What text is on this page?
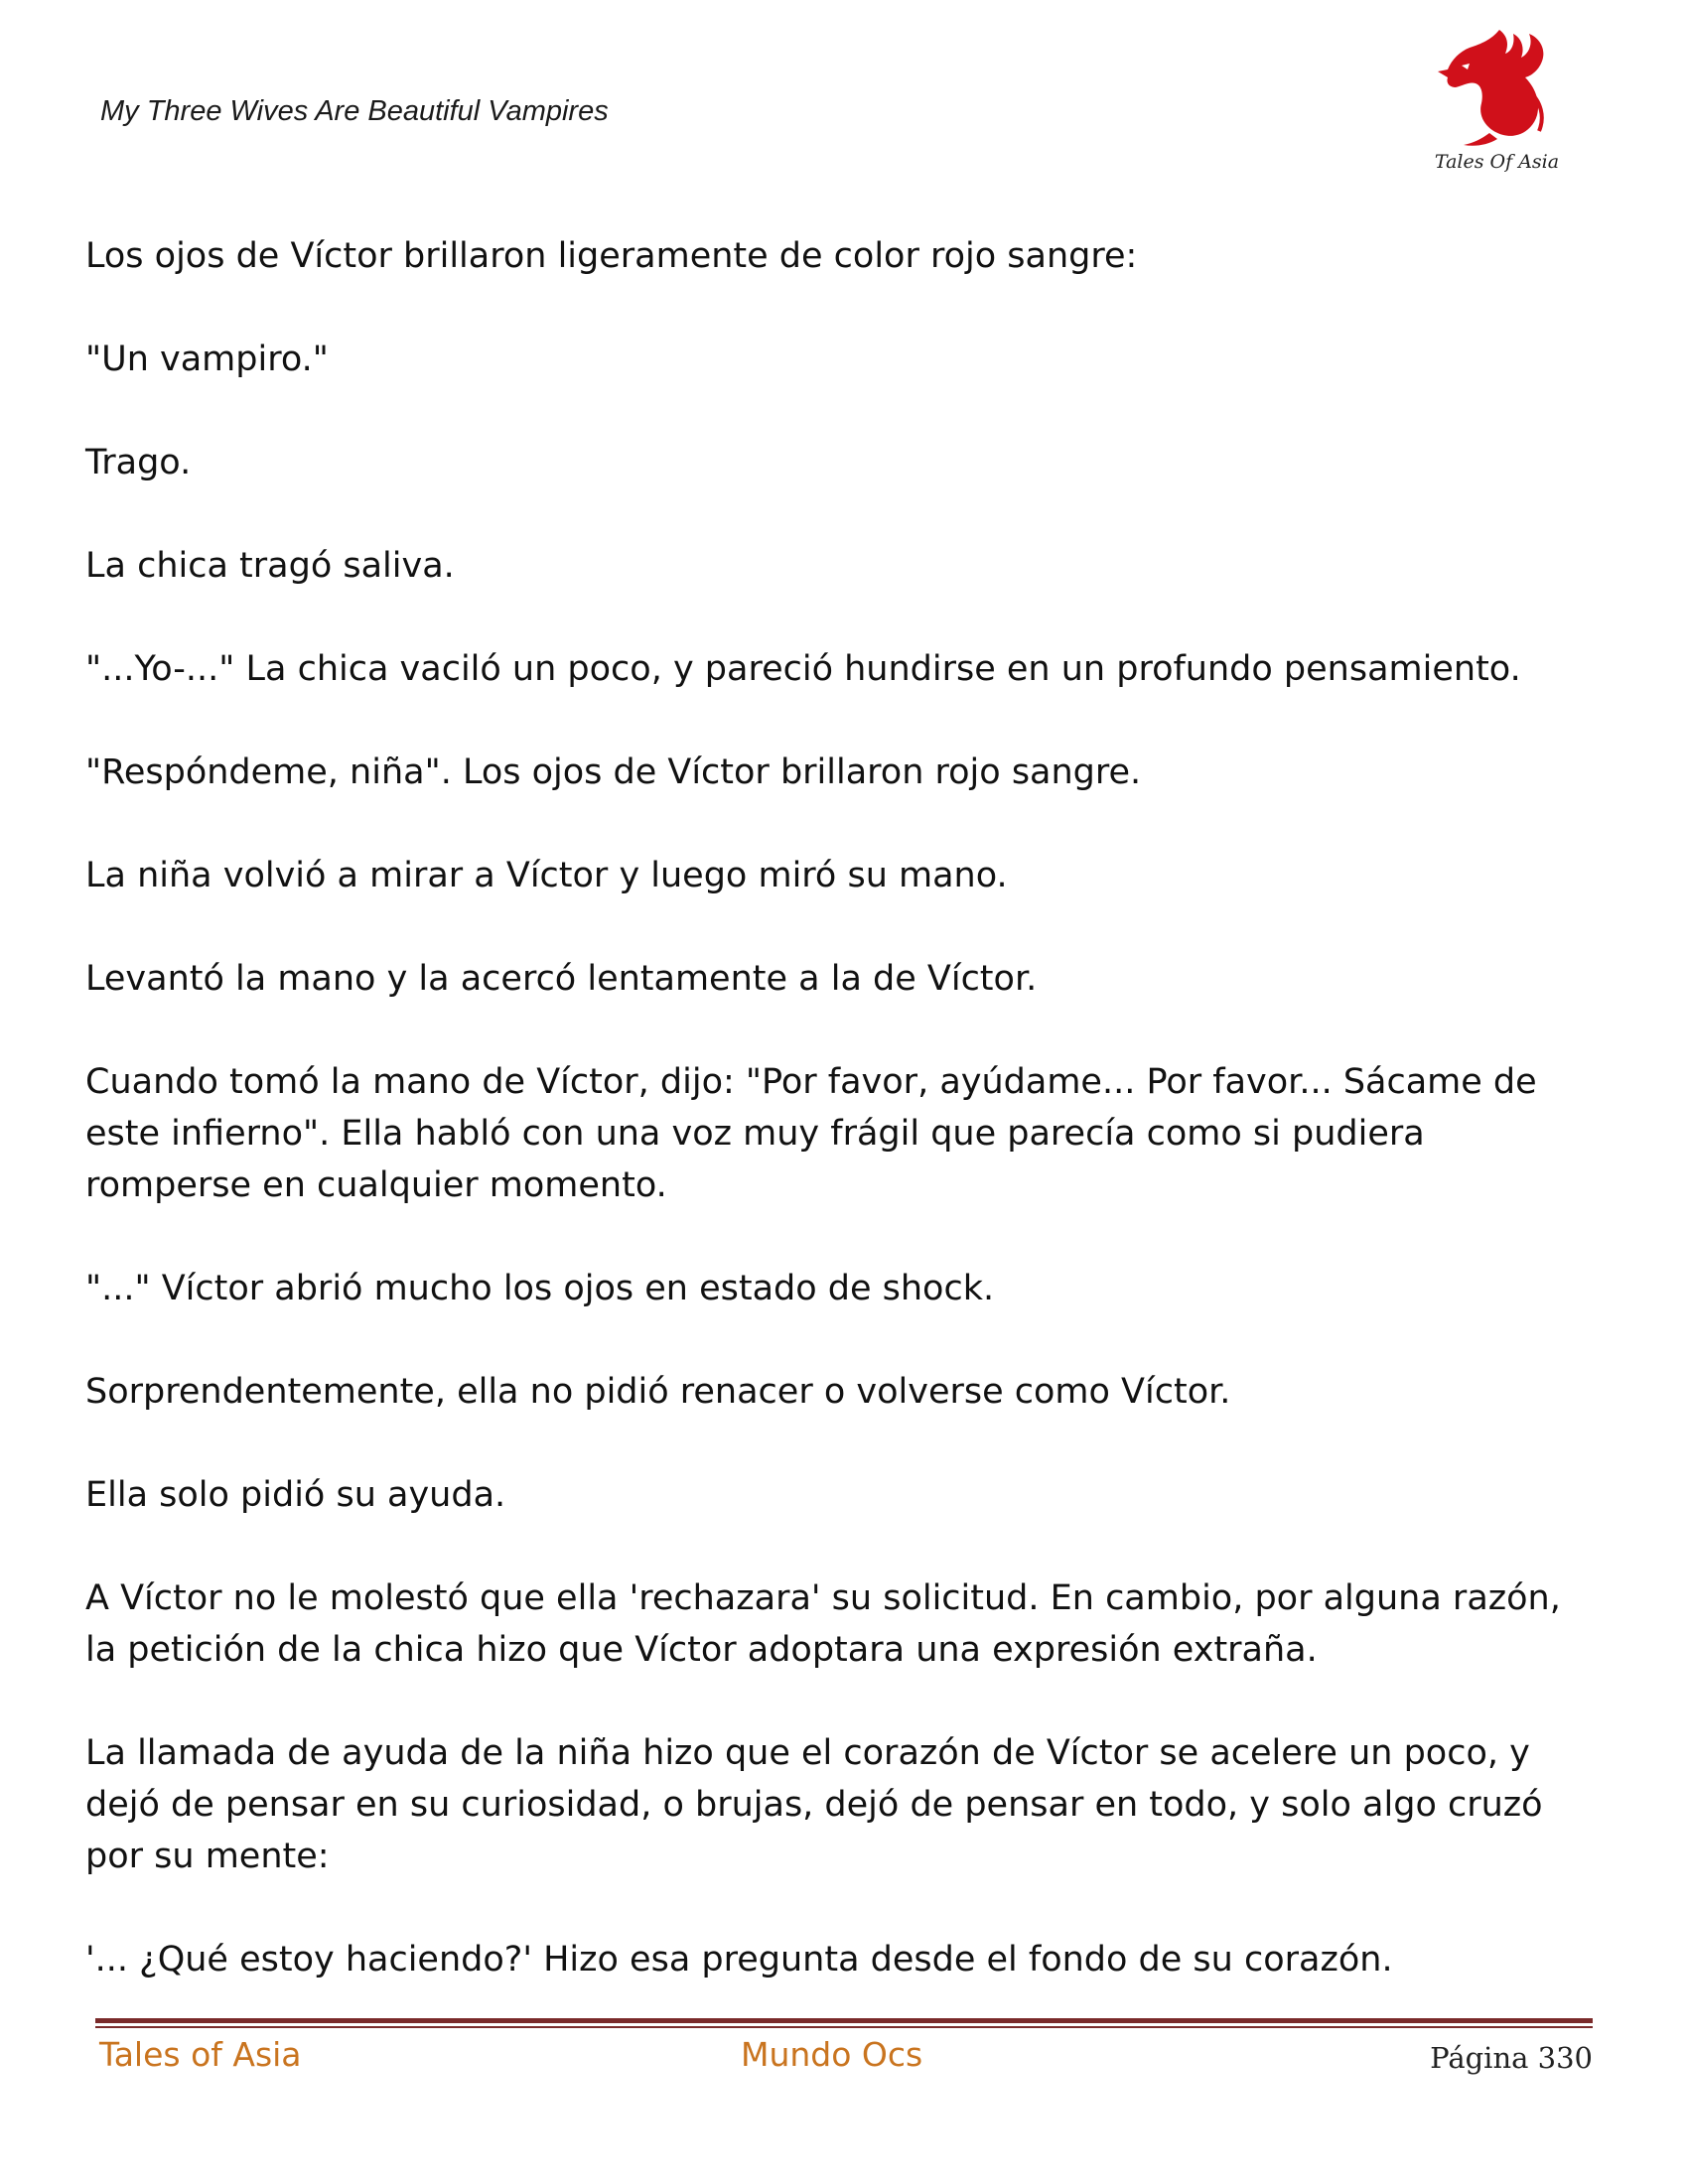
My Three Wives Are Beautiful Vampires
Tales Of Asia

Los ojos de Víctor brillaron ligeramente de color rojo sangre:

"Un vampiro."

Trago.

La chica tragó saliva.

"...Yo-..." La chica vaciló un poco, y pareció hundirse en un profundo pensamiento.

"Respóndeme, niña". Los ojos de Víctor brillaron rojo sangre.

La niña volvió a mirar a Víctor y luego miró su mano.

Levantó la mano y la acercó lentamente a la de Víctor.

Cuando tomó la mano de Víctor, dijo: "Por favor, ayúdame... Por favor... Sácame de este infierno". Ella habló con una voz muy frágil que parecía como si pudiera romperse en cualquier momento.

"..." Víctor abrió mucho los ojos en estado de shock.

Sorprendentemente, ella no pidió renacer o volverse como Víctor.

Ella solo pidió su ayuda.

A Víctor no le molestó que ella 'rechazara' su solicitud. En cambio, por alguna razón, la petición de la chica hizo que Víctor adoptara una expresión extraña.

La llamada de ayuda de la niña hizo que el corazón de Víctor se acelere un poco, y dejó de pensar en su curiosidad, o brujas, dejó de pensar en todo, y solo algo cruzó por su mente:

'... ¿Qué estoy haciendo?' Hizo esa pregunta desde el fondo de su corazón.

Tales of Asia	Mundo Ocs	Página 330
